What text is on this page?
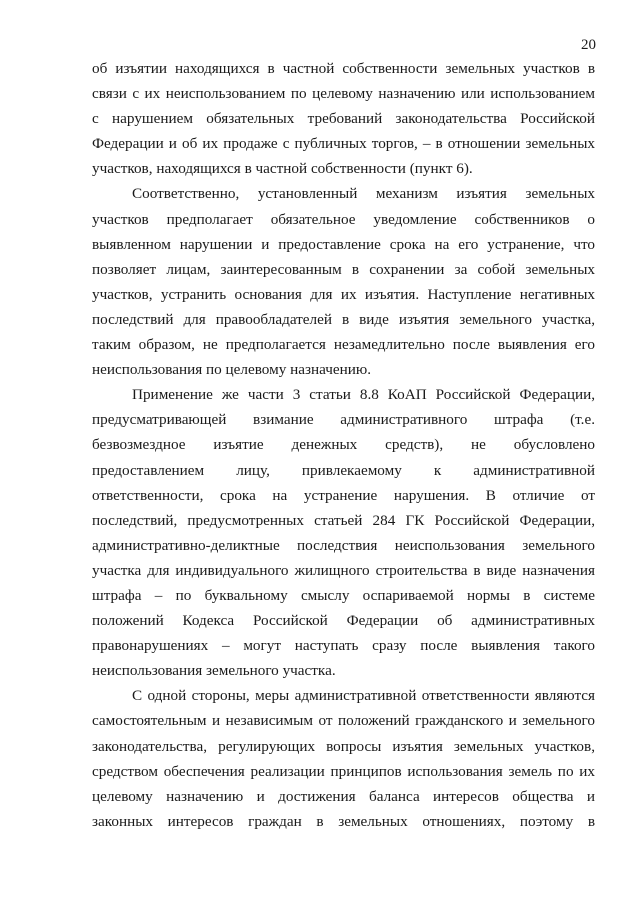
20
об изъятии находящихся в частной собственности земельных участков в
связи с их неиспользованием по целевому назначению или использованием
с нарушением обязательных требований законодательства Российской
Федерации и об их продаже с публичных торгов, – в отношении земельных
участков, находящихся в частной собственности (пункт 6).
Соответственно, установленный механизм изъятия земельных
участков предполагает обязательное уведомление собственников о
выявленном нарушении и предоставление срока на его устранение, что
позволяет лицам, заинтересованным в сохранении за собой земельных
участков, устранить основания для их изъятия. Наступление негативных
последствий для правообладателей в виде изъятия земельного участка,
таким образом, не предполагается незамедлительно после выявления его
неиспользования по целевому назначению.
Применение же части 3 статьи 8.8 КоАП Российской Федерации,
предусматривающей взимание административного штрафа (т.е.
безвозмездное изъятие денежных средств), не обусловлено
предоставлением лицу, привлекаемому к административной
ответственности, срока на устранение нарушения. В отличие от
последствий, предусмотренных статьей 284 ГК Российской Федерации,
административно-деликтные последствия неиспользования земельного
участка для индивидуального жилищного строительства в виде назначения
штрафа – по буквальному смыслу оспариваемой нормы в системе
положений Кодекса Российской Федерации об административных
правонарушениях – могут наступать сразу после выявления такого
неиспользования земельного участка.
С одной стороны, меры административной ответственности являются
самостоятельным и независимым от положений гражданского и земельного
законодательства, регулирующих вопросы изъятия земельных участков,
средством обеспечения реализации принципов использования земель по их
целевому назначению и достижения баланса интересов общества и
законных интересов граждан в земельных отношениях, поэтому в
